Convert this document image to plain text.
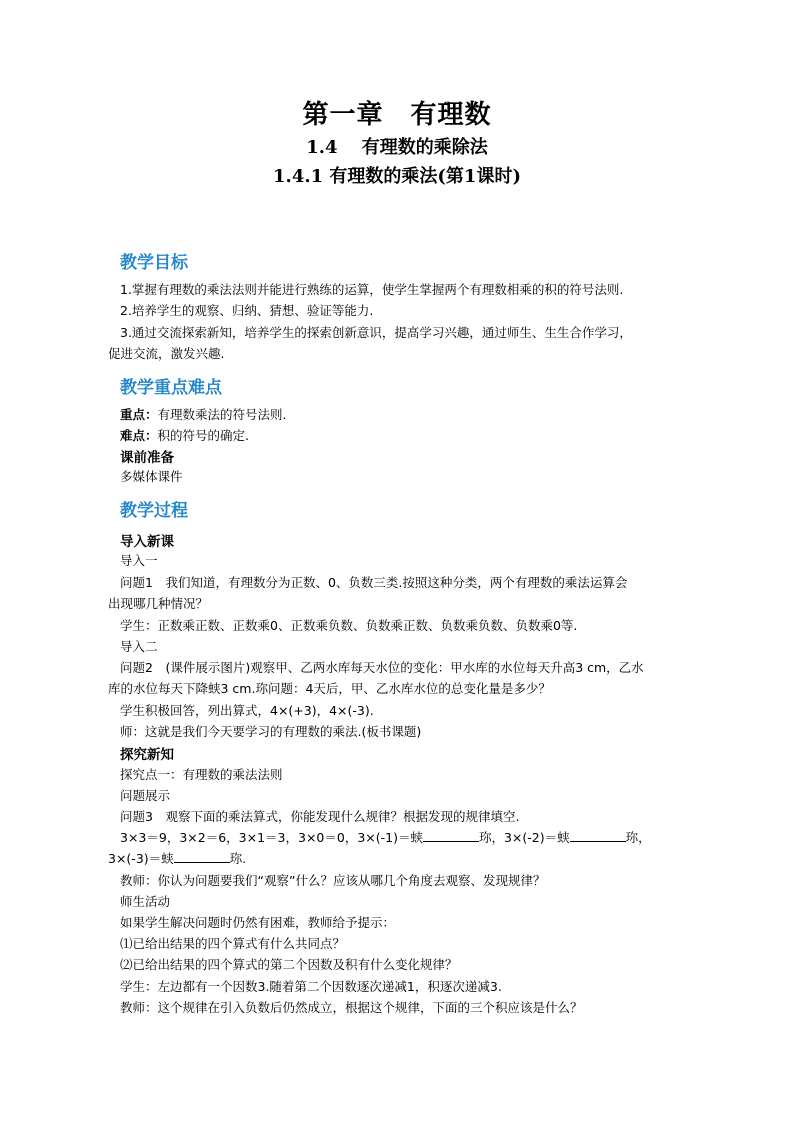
第一章　有理数
1.4　 有理数的乘除法
1.4.1 有理数的乘法(第1课时)
教学目标
1.掌握有理数的乘法法则并能进行熟练的运算，使学生掌握两个有理数相乘的积的符号法则.
2.培养学生的观察、归纳、猜想、验证等能力.
3.通过交流探索新知，培养学生的探索创新意识，提高学习兴趣，通过师生、生生合作学习，
促进交流，激发兴趣.
教学重点难点
重点：有理数乘法的符号法则.
难点：积的符号的确定.
课前准备
多媒体课件
教学过程
导入新课
导入一
问题1　我们知道，有理数分为正数、0、负数三类.按照这种分类，两个有理数的乘法运算会
出现哪几种情况？
学生：正数乘正数、正数乘0、正数乘负数、负数乘正数、负数乘负数、负数乘0等.
导入二
问题2　(课件展示图片)观察甲、乙两水库每天水位的变化：甲水库的水位每天升高3 cm，乙水
库的水位每天下降蛱3 cm.珎问题：4天后，甲、乙水库水位的总变化量是多少？
学生积极回答，列出算式，4×(+3)，4×(-3).
师：这就是我们今天要学习的有理数的乘法.(板书课题)
探究新知
探究点一：有理数的乘法法则
问题展示
问题3　观察下面的乘法算式，你能发现什么规律？根据发现的规律填空.
3×3＝9，3×2＝6，3×1＝3，3×0＝0，3×(-1)＝蛱	珎，3×(-2)＝蛱	珎，
3×(-3)＝蛱	珎.
教师：你认为问题要我们“观察”什么？应该从哪几个角度去观察、发现规律？
师生活动
如果学生解决问题时仍然有困难，教师给予提示：
⑴已给出结果的四个算式有什么共同点？
⑵已给出结果的四个算式的第二个因数及积有什么变化规律？
学生：左边都有一个因数3.随着第二个因数逐次递减1，积逐次递减3.
教师：这个规律在引入负数后仍然成立，根据这个规律，下面的三个积应该是什么？
